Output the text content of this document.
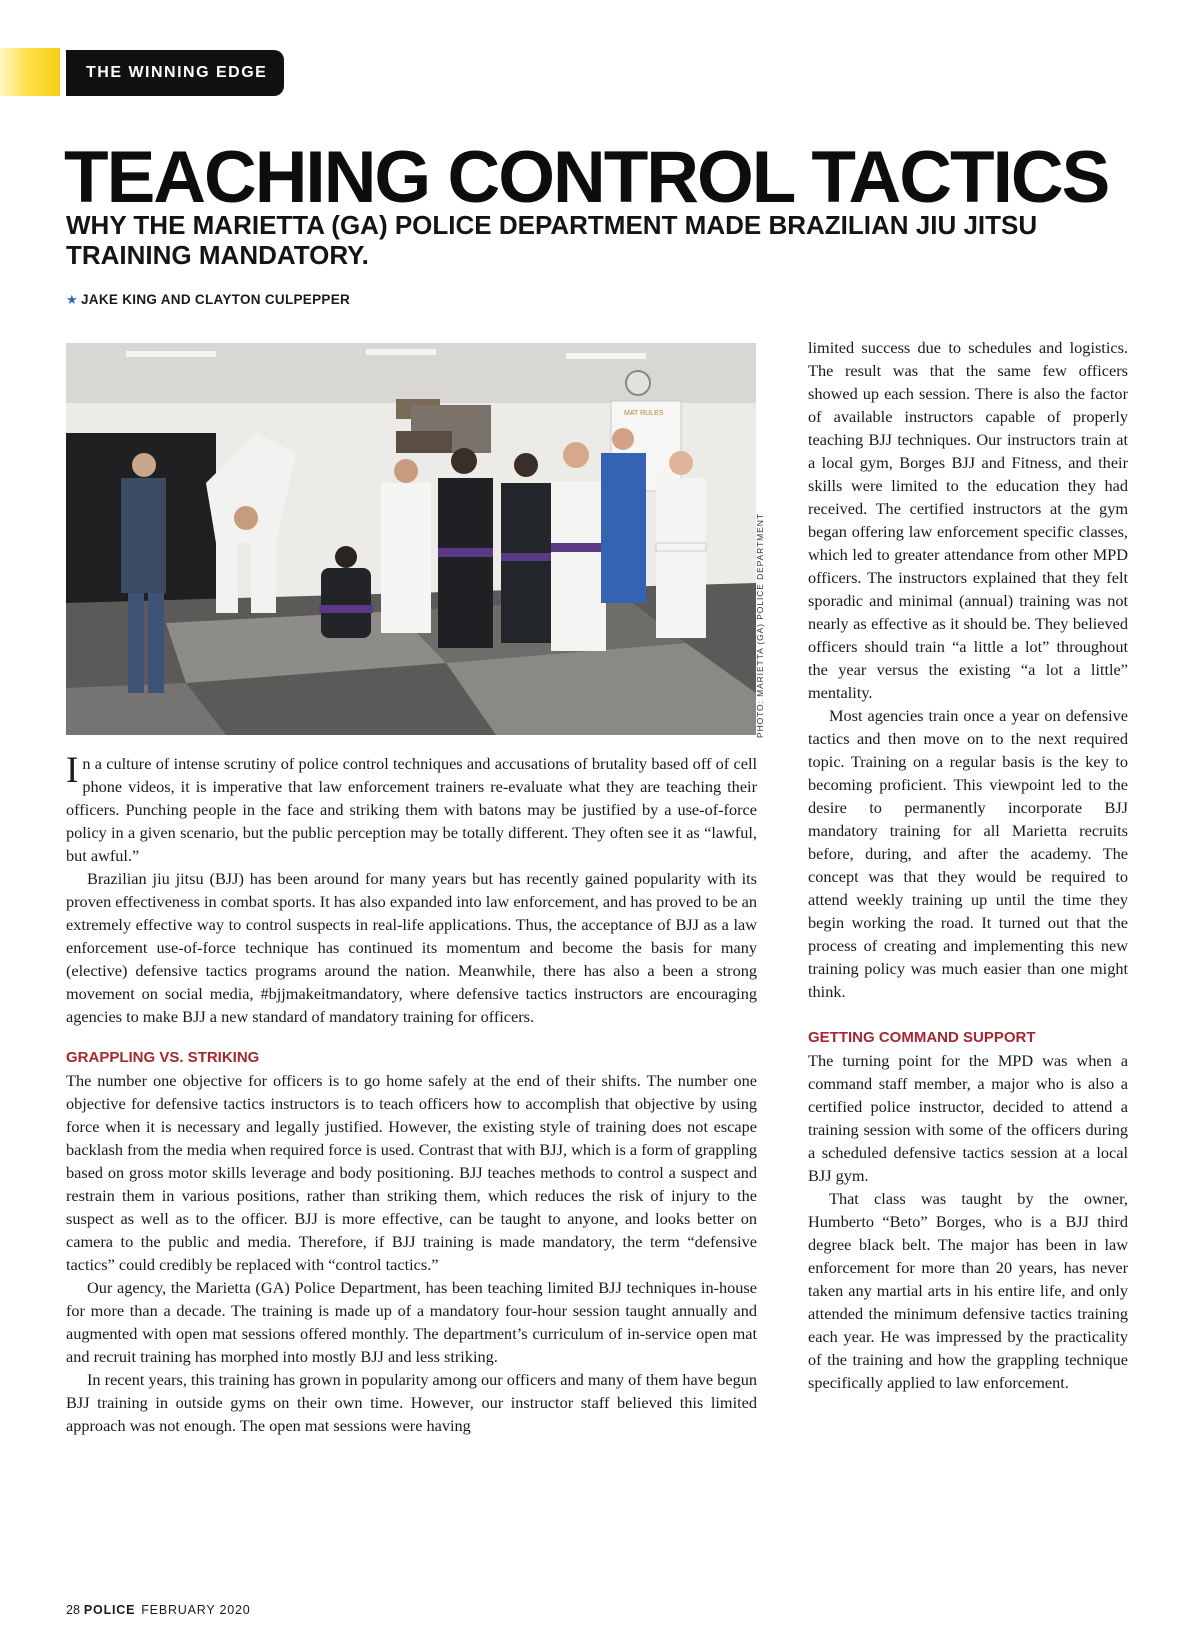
THE WINNING EDGE
TEACHING CONTROL TACTICS
WHY THE MARIETTA (GA) POLICE DEPARTMENT MADE BRAZILIAN JIU JITSU TRAINING MANDATORY.
★ JAKE KING AND CLAYTON CULPEPPER
MAT RULES
PHOTO: MARIETTA (GA) POLICE DEPARTMENT

In a culture of intense scrutiny of police control techniques and accusations of brutality based off of cell phone videos, it is imperative that law enforcement trainers re-evaluate what they are teaching their officers. Punching people in the face and striking them with batons may be justified by a use-of-force policy in a given scenario, but the public perception may be totally different. They often see it as “lawful, but awful.”

Brazilian jiu jitsu (BJJ) has been around for many years but has recently gained popularity with its proven effectiveness in combat sports. It has also expanded into law enforcement, and has proved to be an extremely effective way to control suspects in real-life applications. Thus, the acceptance of BJJ as a law enforcement use-of-force technique has continued its momentum and become the basis for many (elective) defensive tactics programs around the nation. Meanwhile, there has also a been a strong movement on social media, #bjjmakeitmandatory, where defensive tactics instructors are encouraging agencies to make BJJ a new standard of mandatory training for officers.

GRAPPLING VS. STRIKING

The number one objective for officers is to go home safely at the end of their shifts. The number one objective for defensive tactics instructors is to teach officers how to accomplish that objective by using force when it is necessary and legally justified. However, the existing style of training does not escape backlash from the media when required force is used. Contrast that with BJJ, which is a form of grappling based on gross motor skills leverage and body positioning. BJJ teaches methods to control a suspect and restrain them in various positions, rather than striking them, which reduces the risk of injury to the suspect as well as to the officer. BJJ is more effective, can be taught to anyone, and looks better on camera to the public and media. Therefore, if BJJ training is made mandatory, the term “defensive tactics” could credibly be replaced with “control tactics.”

Our agency, the Marietta (GA) Police Department, has been teaching limited BJJ techniques in-house for more than a decade. The training is made up of a mandatory four-hour session taught annually and augmented with open mat sessions offered monthly. The department’s curriculum of in-service open mat and recruit training has morphed into mostly BJJ and less striking.

In recent years, this training has grown in popularity among our officers and many of them have begun BJJ training in outside gyms on their own time. However, our instructor staff believed this limited approach was not enough. The open mat sessions were having

limited success due to schedules and logistics. The result was that the same few officers showed up each session. There is also the factor of available instructors capable of properly teaching BJJ techniques. Our instructors train at a local gym, Borges BJJ and Fitness, and their skills were limited to the education they had received. The certified instructors at the gym began offering law enforcement specific classes, which led to greater attendance from other MPD officers. The instructors explained that they felt sporadic and minimal (annual) training was not nearly as effective as it should be. They believed officers should train “a little a lot” throughout the year versus the existing “a lot a little” mentality.

Most agencies train once a year on defensive tactics and then move on to the next required topic. Training on a regular basis is the key to becoming proficient. This viewpoint led to the desire to permanently incorporate BJJ mandatory training for all Marietta recruits before, during, and after the academy. The concept was that they would be required to attend weekly training up until the time they begin working the road. It turned out that the process of creating and implementing this new training policy was much easier than one might think.

GETTING COMMAND SUPPORT

The turning point for the MPD was when a command staff member, a major who is also a certified police instructor, decided to attend a training session with some of the officers during a scheduled defensive tactics session at a local BJJ gym.

That class was taught by the owner, Humberto “Beto” Borges, who is a BJJ third degree black belt. The major has been in law enforcement for more than 20 years, has never taken any martial arts in his entire life, and only attended the minimum defensive tactics training each year. He was impressed by the practicality of the training and how the grappling technique specifically applied to law enforcement.

28 POLICE FEBRUARY 2020
